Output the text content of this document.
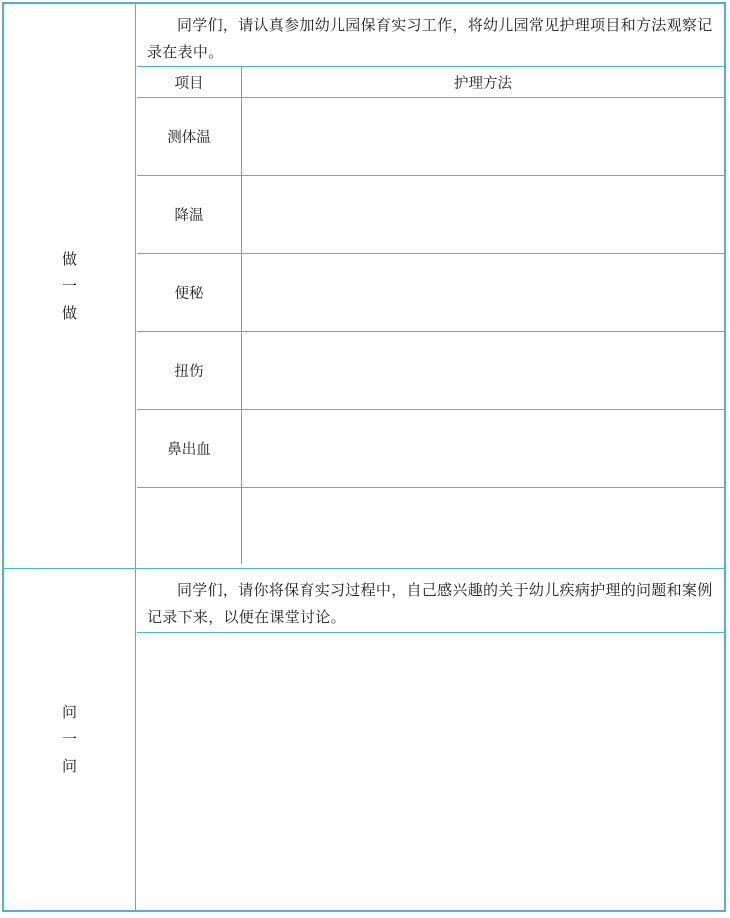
做
一
做
同学们，请认真参加幼儿园保育实习工作，将幼儿园常见护理项目和方法观察记录在表中。
项目	护理方法
测体温	
降温	
便秘	
扭伤	
鼻出血	

问
一
问
同学们，请你将保育实习过程中，自己感兴趣的关于幼儿疾病护理的问题和案例记录下来，以便在课堂讨论。
